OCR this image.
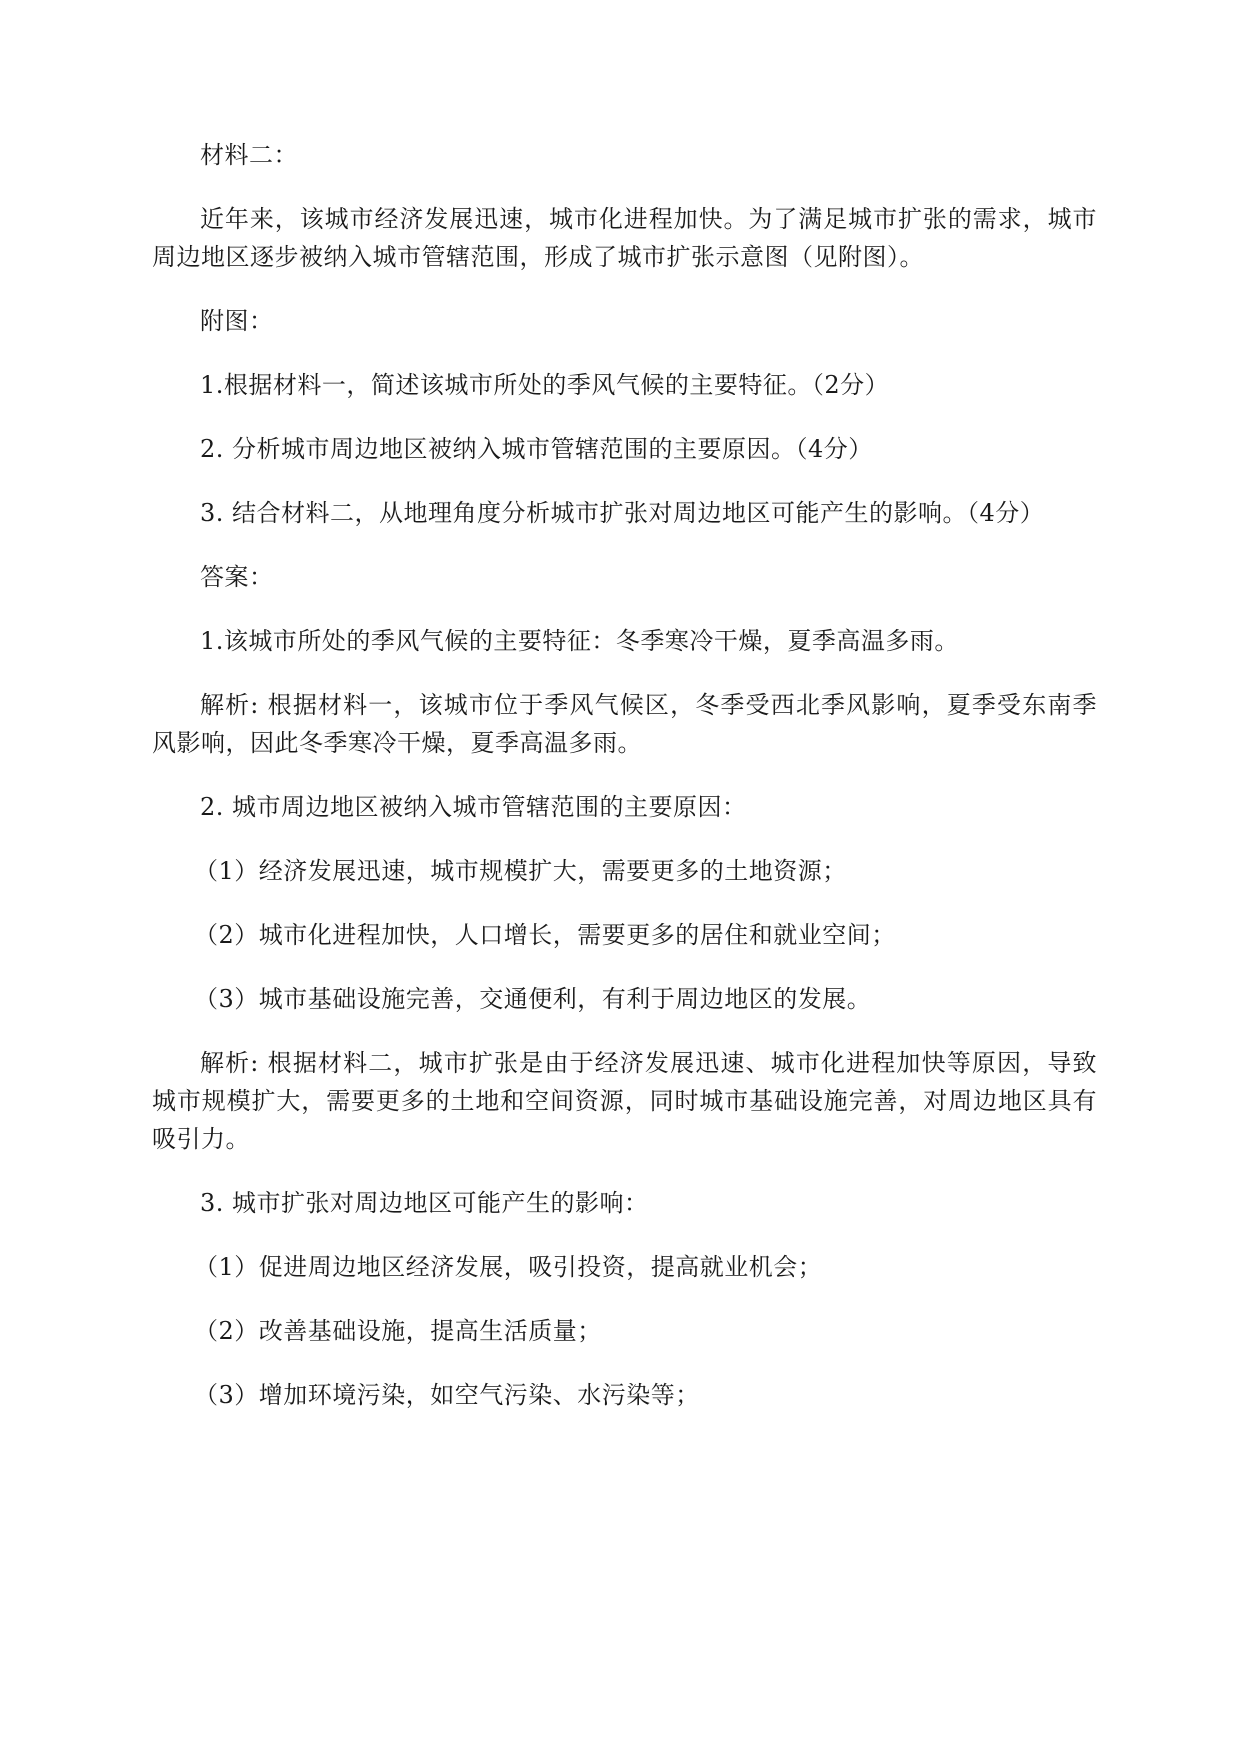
材料二：

近年来，该城市经济发展迅速，城市化进程加快。为了满足城市扩张的需求，城市周边地区逐步被纳入城市管辖范围，形成了城市扩张示意图（见附图）。

附图：

1.根据材料一，简述该城市所处的季风气候的主要特征。（2分）

2. 分析城市周边地区被纳入城市管辖范围的主要原因。（4分）

3. 结合材料二，从地理角度分析城市扩张对周边地区可能产生的影响。（4分）

答案：

1.该城市所处的季风气候的主要特征：冬季寒冷干燥，夏季高温多雨。

解析: 根据材料一，该城市位于季风气候区，冬季受西北季风影响，夏季受东南季风影响，因此冬季寒冷干燥，夏季高温多雨。

2. 城市周边地区被纳入城市管辖范围的主要原因：

（1）经济发展迅速，城市规模扩大，需要更多的土地资源；

（2）城市化进程加快，人口增长，需要更多的居住和就业空间；

（3）城市基础设施完善，交通便利，有利于周边地区的发展。

解析: 根据材料二，城市扩张是由于经济发展迅速、城市化进程加快等原因，导致城市规模扩大，需要更多的土地和空间资源，同时城市基础设施完善，对周边地区具有吸引力。

3. 城市扩张对周边地区可能产生的影响：

（1）促进周边地区经济发展，吸引投资，提高就业机会；

（2）改善基础设施，提高生活质量；

（3）增加环境污染，如空气污染、水污染等；
